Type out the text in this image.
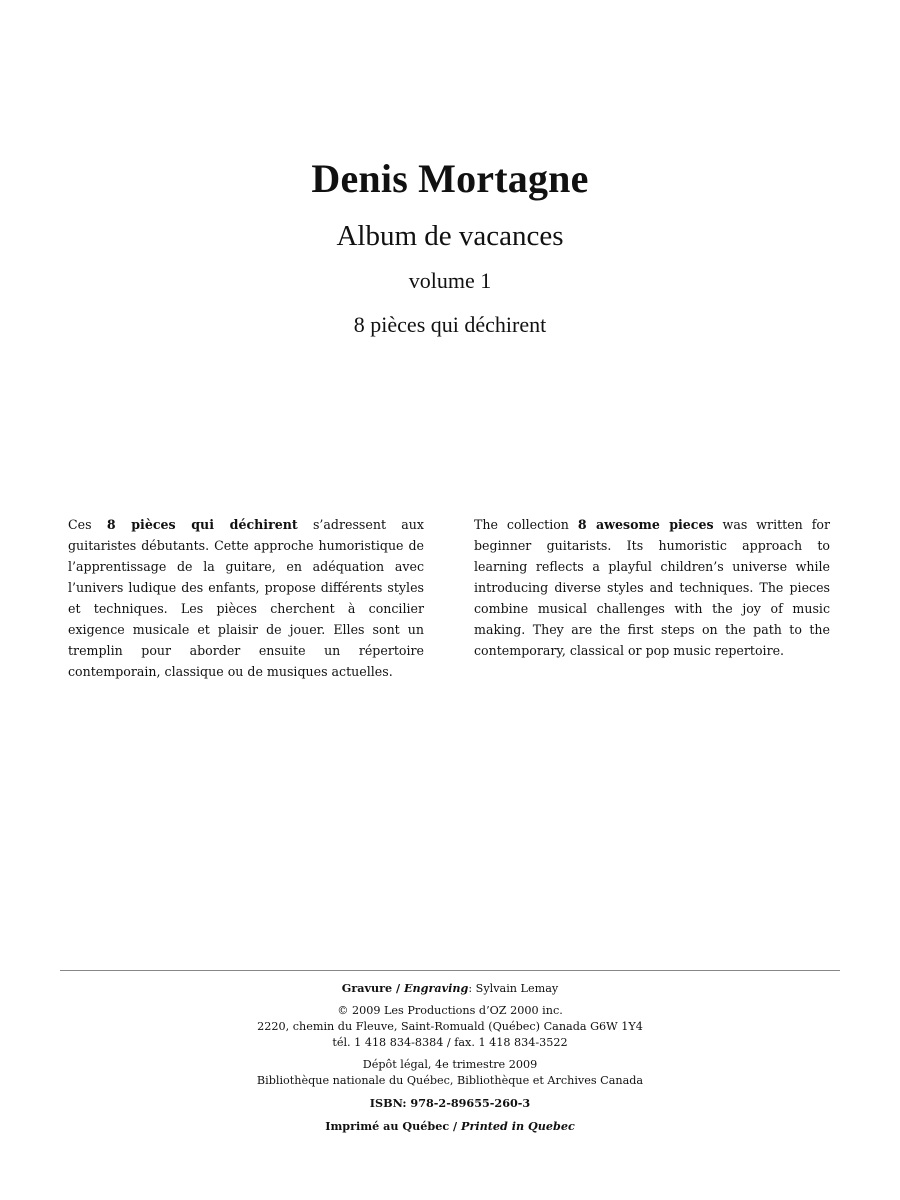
Denis Mortagne
Album de vacances
volume 1
8 pièces qui déchirent
Ces 8 pièces qui déchirent s’adressent aux guitaristes débutants. Cette approche humoristique de l’apprentissage de la guitare, en adéquation avec l’univers ludique des enfants, propose différents styles et techniques. Les pièces cherchent à concilier exigence musicale et plaisir de jouer. Elles sont un tremplin pour aborder ensuite un répertoire contemporain, classique ou de musiques actuelles.
The collection 8 awesome pieces was written for beginner guitarists. Its humoristic approach to learning reflects a playful children’s universe while introducing diverse styles and techniques. The pieces combine musical challenges with the joy of music making. They are the first steps on the path to the contemporary, classical or pop music repertoire.

Gravure / Engraving: Sylvain Lemay

© 2009 Les Productions d’OZ 2000 inc.

2220, chemin du Fleuve, Saint-Romuald (Québec) Canada G6W 1Y4

tél. 1 418 834-8384 / fax. 1 418 834-3522

Dépôt légal, 4e trimestre 2009

Bibliothèque nationale du Québec, Bibliothèque et Archives Canada

ISBN: 978-2-89655-260-3

Imprimé au Québec / Printed in Quebec
